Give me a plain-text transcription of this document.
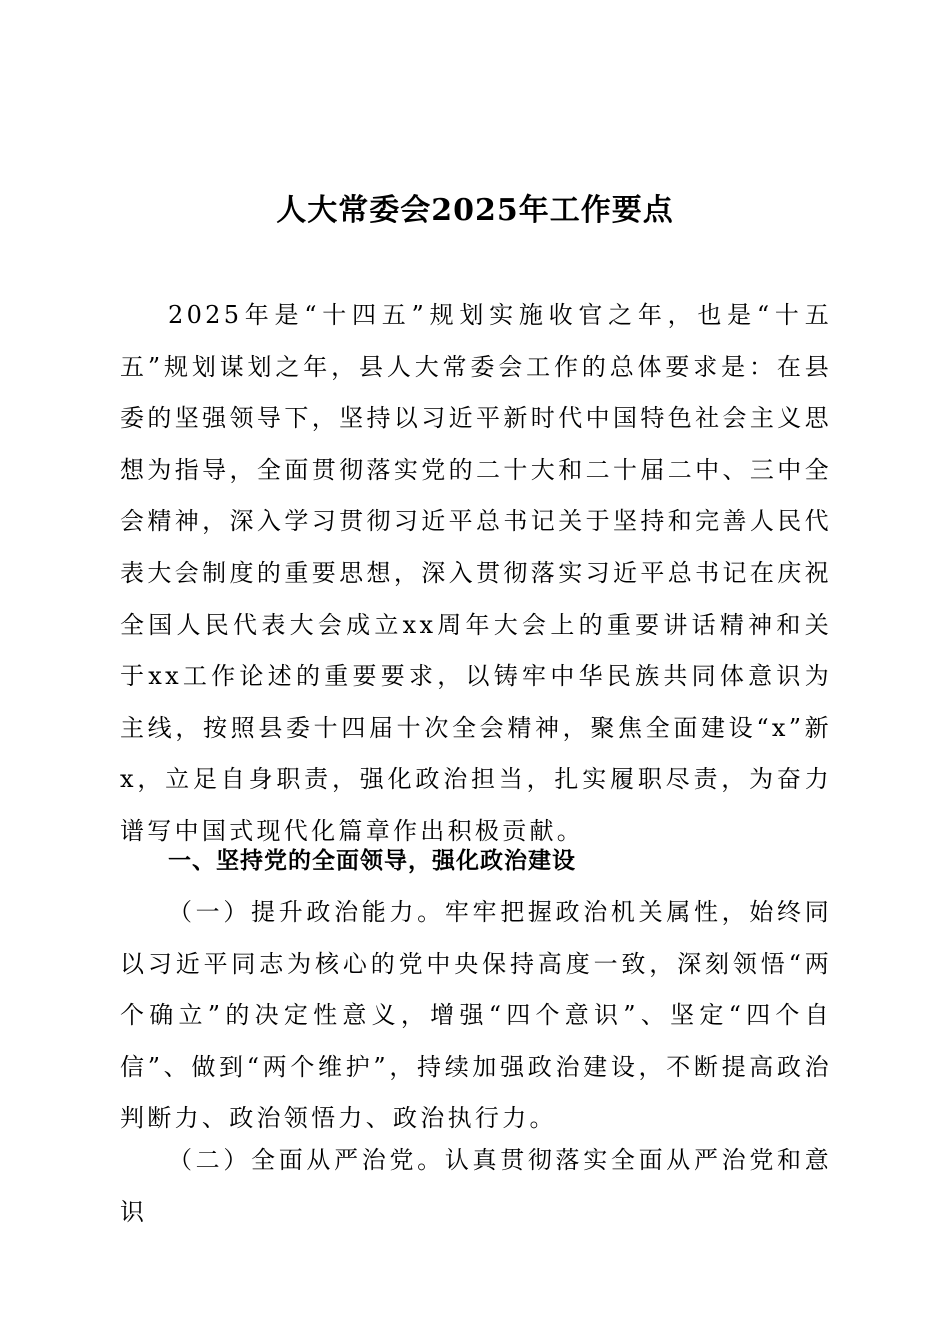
人大常委会2025年工作要点

2025年是“十四五”规划实施收官之年，也是“十五五”规划谋划之年，县人大常委会工作的总体要求是：在县委的坚强领导下，坚持以习近平新时代中国特色社会主义思想为指导，全面贯彻落实党的二十大和二十届二中、三中全会精神，深入学习贯彻习近平总书记关于坚持和完善人民代表大会制度的重要思想，深入贯彻落实习近平总书记在庆祝全国人民代表大会成立xx周年大会上的重要讲话精神和关于xx工作论述的重要要求，以铸牢中华民族共同体意识为主线，按照县委十四届十次全会精神，聚焦全面建设“x”新x，立足自身职责，强化政治担当，扎实履职尽责，为奋力谱写中国式现代化篇章作出积极贡献。

一、坚持党的全面领导，强化政治建设

（一）提升政治能力。牢牢把握政治机关属性，始终同以习近平同志为核心的党中央保持高度一致，深刻领悟“两个确立”的决定性意义，增强“四个意识”、坚定“四个自信”、做到“两个维护”，持续加强政治建设，不断提高政治判断力、政治领悟力、政治执行力。

（二）全面从严治党。认真贯彻落实全面从严治党和意识
